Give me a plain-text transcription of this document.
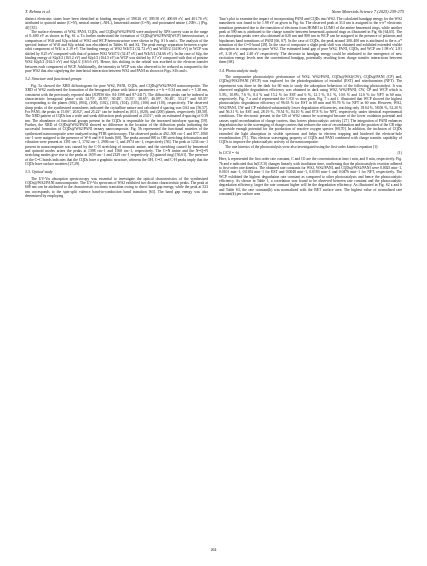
T. Rehma et al.	Nano Materials Science 7 (2025) 259-275

distinct electronic states have been identified at binding energies of 398.26 eV, 399.50 eV, 400.69 eV, and 401.76 eV, attributed to quinoid amine (C=N), neutral amine (–NH–), benzenoid amine (C=N), and protonated amine (–NH+–) [Fig. 4f] [35].

The surface elements of WS2, PANI, CQDs, and CQDs@WS2/PANI were analyzed by XPS survey scan in the range of 0–600 eV as shown in Fig. S1 a. To further understand the formation of CQDs@WS2/PANI(WCP) heterostructure, a comparison of W4f and S2p orbital of WS2 and WCP heterostructure were shown in Fig. S1 b and c. The analysis of the spectral feature of W4f and S2p orbital was elucidated in Tables S1 and S2. The peak energy separation between a spin-orbit component of W4f is 2.19 eV. The binding energy of WS2 W4f7/2 (32.72 eV) and W4f5/2 (34.90 eV) in WCP was shifted by 0.25 eV compared with that of pristine WS2 W4f7/2 (32.47 eV) and W4f5/2 (34.66 eV). In the case of S2p, the binding energy of S2p3/2 (163.2 eV) and S2p1/2 (164.3 eV) in WCP was shifted by 0.7 eV compared with that of pristine WS2 S2p3/2 (162.5 eV) and S2p1/2 (163.6 eV). Hence, this shifting in the orbital was ascribed to the electron transfer between each component of WCP. Additionally, the intensity in WCP was also observed to be reduced as compared to the pure WS2 that also signifying the interfacial interaction between WS2 and PANI as shown in Figs. S1b and c.

3.2. Structure and functional groups

Fig. 5a showed the XRD diffractogram for pure WS2, PANI, CQDs, and CQDs@WS2/PANI nanocomposite. The XRD of WS2 confirmed the formation of the hexagonal phase with lattice parameters a = b = 0.34 nm and c = 1.20 nm, consistent with the previously reported data (JCPDS file: 84-1398 and 87-2417). The diffraction peaks can be indexed as characteristic hexagonal phase with 14.70°, 28.95°, 30.48°, 35.55°, 38.65°, 46.09°, 50.40°, 53.21° and 60.35° corresponding to the planes (002), (004), (100), (102), (103), (104), (105), (106) and (110), respectively. The observed sharp peaks of the synthesized nanosheets indicated the crystalline nature and calculated d spacing was 0.62 nm [56,57]. For PANI, the peaks at 15.06°, 20.02°, and 25.22° can be indexed as (011), (020), and (200) planes, respectively [48,58]. The XRD pattern of CQDs has a wide and weak diffraction peak positioned at 23.01°, with an estimated d-spacing of 0.39 nm. The abundance of functional groups present in the CQDs is responsible for the increased interlayer spacing [59]. Further, the XRD of CQDs@WS2/PANI showed no difference in the location of the diffraction peaks indicating the successful formation of CQDs@WS2/PANI ternary nanocomposite. Fig. 5b represented the functional moieties of the synthesized nanocomposite were analyzed using FTIR spectroscopy. The observed peaks at 492–500 cm−1 and 877–1060 cm−1 were assigned to the presence of W-S and S-S bonds [60]. The peaks around 690 to OH stretching deformation and vibration were present at 1391 cm−1, 1702 cm−1, 2906 cm−1, and 2974 cm−1, respectively [56]. The peak at 1234 cm−1 present in nanocomposite was caused by the C-N stretching of aromatic amine, and the stretching caused by benzenoid and quinoid modes arises the peaks at 1398 cm−1 and 1560 cm−1, respectively. The C=N imine and the N=Q=N stretching modes give rise to the peaks at 1659 cm−1 and 2329 cm−1 respectively (Q quinoid ring) [56,61]. The presence of the C=C bonds indicates that the CQDs have a graphitic structure, whereas the OH, C=O, and C-H peaks imply that the CQDs have surface moieties [27,29].

3.3. Optical study

The UV-Vis absorption spectroscopy was essential to investigate the optical characteristics of the synthesized CQDs@WS2/PANI nanocomposite. The UV-Vis spectrum of WS2 exhibited two distinct characteristic peaks. The peak at 608 nm can be attributed to the characteristic excitonic transition owing to direct band gap energy, while the peak at 523 nm corresponds to the spin-split valence band-to-conduction band transition [63]. The band gap energy was also determined by employing

Tauc's plot to examine the impact of incorporating PANI and CQDs into WS2. The calculated bandgap energy for the WS2 nanosheets was found to be 1.98 eV as given in Fig. 6a. The observed peak at 314 nm is assigned to the π-π* electronic transition generated due to the transition of electrons from HOMO to LUMO of the amine benzenoid rings, while another peak at 590 nm is attributed to the charge transfer between benzenoid–quinoid rings as illustrated in Fig. 6b [64,65]. The two absorption peaks were also obtained at 620 nm and 800 nm in WCP can be assigned to the presence of polarons and bipolarons band transitions of PANI [66, 67]. In the case of CQDs, the peak around 300–400 nm is attributed to the n–π* transition of the C=O bond [28]. In the case of composite a slight peak shift was obtained and exhibited extended visible absorption in comparison to pure WS2. The estimated band gap of pure WS2, PANI, CQDs, and WCP are 1.98 eV, 2.81 eV, 3.18 eV, and 2.40 eV respectively. The decrease in bandgap energy could be attributed to the emergence of new excitation energy levels near the conventional bandgap, potentially resulting from charge transfer interactions between them [68].

3.4. Photocatalytic study

The comparative photocatalytic performance of WS2, WS2/PANI, CQDs@WS2(CW), CQDs@PANI (CP) and, CQDs@WS2/PANI (WCP) was explored for the photodegradation of estradiol (EST) and nitrofurantoin (NFT). The experiment was done in the dark for 60 min to study the adsorption behaviour of the following photocatalyst. It was observed negligible degradation efficiency was obtained in dark using WS2, WS2/PANI, CW, CP and WCP which is 5.3%, 10.8%, 7.6 %, 8.4 % and 15.2 % for EST and 6 %, 12.1 %, 8.1 %, 10.6 % and 12.6 % for NFT in 60 min, respectively. Fig. 7 a and d represented the C/C0 vs time plots. Fig. 7 c and f. illustrated that WCP showed the highest photocatalytic degradation efficiency of 96.63 % for EST in 60 min and 95.76 % for NFT in 60 min. However, WS2, WS2/PANI, CW and CP exhibited substantially lower degradation efficiencies, reaching only 18.64 %, 58.06 %, 52.20 % and 56.31 % for EST and, 28.19 %, 70.54 %, 84.10 % and 87.8 % for NFT, respectively, under identical experimental conditions. The electronic present in the CB of WS2 cannot be scavenged because of the lower oxidation potential and causes rapid recombination of charge carriers, thus lowers photocatalytic activity [27]. The integration of PANI enhances degradation due to the scavenging of charge carriers that reduces the rate of recombination and the position of the CB edge to provide enough potential for the production of reactive oxygen species [69,70]. In addition, the inclusion of CQDs extended the light absorption in visible spectrum and helps in electron trapping and hindered the electron-hole recombination [71]. This electron scavenging property of CQDs and PANI combined with charge transfer capability of CQDs to improve the photocatalytic activity of the nanocomposite.

The rate kinetics of the photocatalysis were also investigated using the first-order kinetics equation [1]:

ln C/C0 = -kt	(1)

Here, k represented the first order rate constant, C and C0 are the concentration at time t min, and 0 min, respectively. Fig. 7b and e indicated that ln(C/C0) changes linearly with irradiation time, confirming that the photocatalytic reaction adhered to first-order rate kinetics. The obtained rate constants for WS2, WS2/PANI, and CQDs@WS2/PANI were 0.0025 min−1, 0.0101 min−1, 0.0184 min−1 for EST and 0.0048 min−1, 0.0183 min−1 and 0.0476 min−1 for NFT, respectively. The WCP exhibited the highest degradation rate constant as compared to other photocatalysts and hence the photocatalytic efficiency. As shown in Table 1, a correlation was found to be observed between rate constant and the photocatalytic degradation efficiency, larger the rate constant higher will be the degradation efficiency. As illustrated in Fig. S2 a and b and Table S3, the rate constant(k) was normalized with the BET surface area. The highest value of normalized rate constant(k) per surface area

264
